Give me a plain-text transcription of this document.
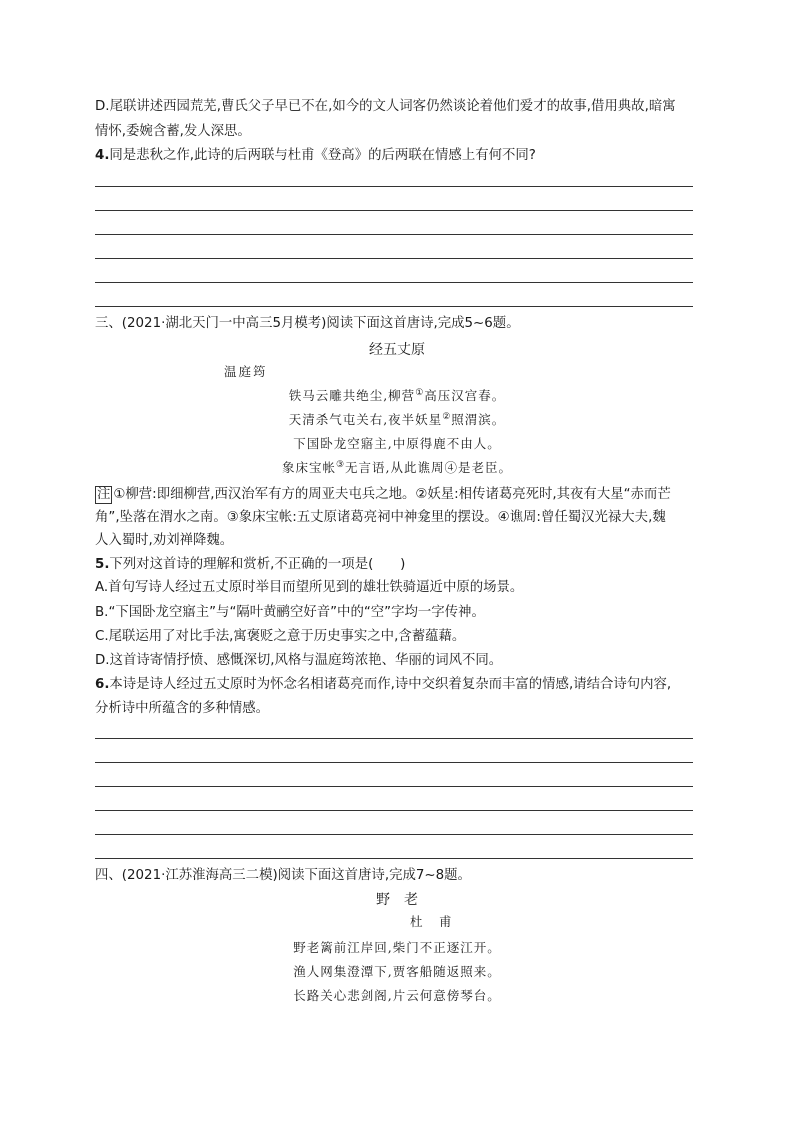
D.尾联讲述西园荒芜,曹氏父子早已不在,如今的文人词客仍然谈论着他们爱才的故事,借用典故,暗寓
情怀,委婉含蓄,发人深思。
4.同是悲秋之作,此诗的后两联与杜甫《登高》的后两联在情感上有何不同?
三、(2021·湖北天门一中高三5月模考)阅读下面这首唐诗,完成5~6题。
经五丈原
温庭筠
铁马云雕共绝尘,柳营①高压汉宫春。
天清杀气屯关右,夜半妖星②照渭滨。
下国卧龙空寤主,中原得鹿不由人。
象床宝帐③无言语,从此谯周④是老臣。
注 ①柳营:即细柳营,西汉治军有方的周亚夫屯兵之地。②妖星:相传诸葛亮死时,其夜有大星“赤而芒
角”,坠落在渭水之南。③象床宝帐:五丈原诸葛亮祠中神龛里的摆设。④谯周:曾任蜀汉光禄大夫,魏
人入蜀时,劝刘禅降魏。
5.下列对这首诗的理解和赏析,不正确的一项是(　　)
A.首句写诗人经过五丈原时举目而望所见到的雄壮铁骑逼近中原的场景。
B.“下国卧龙空寤主”与“隔叶黄鹂空好音”中的“空”字均一字传神。
C.尾联运用了对比手法,寓褒贬之意于历史事实之中,含蓄蕴藉。
D.这首诗寄情抒愤、感慨深切,风格与温庭筠浓艳、华丽的词风不同。
6.本诗是诗人经过五丈原时为怀念名相诸葛亮而作,诗中交织着复杂而丰富的情感,请结合诗句内容,
分析诗中所蕴含的多种情感。
四、(2021·江苏淮海高三二模)阅读下面这首唐诗,完成7~8题。
野　老
杜　甫
野老篱前江岸回,柴门不正逐江开。
渔人网集澄潭下,贾客船随返照来。
长路关心悲剑阁,片云何意傍琴台。
